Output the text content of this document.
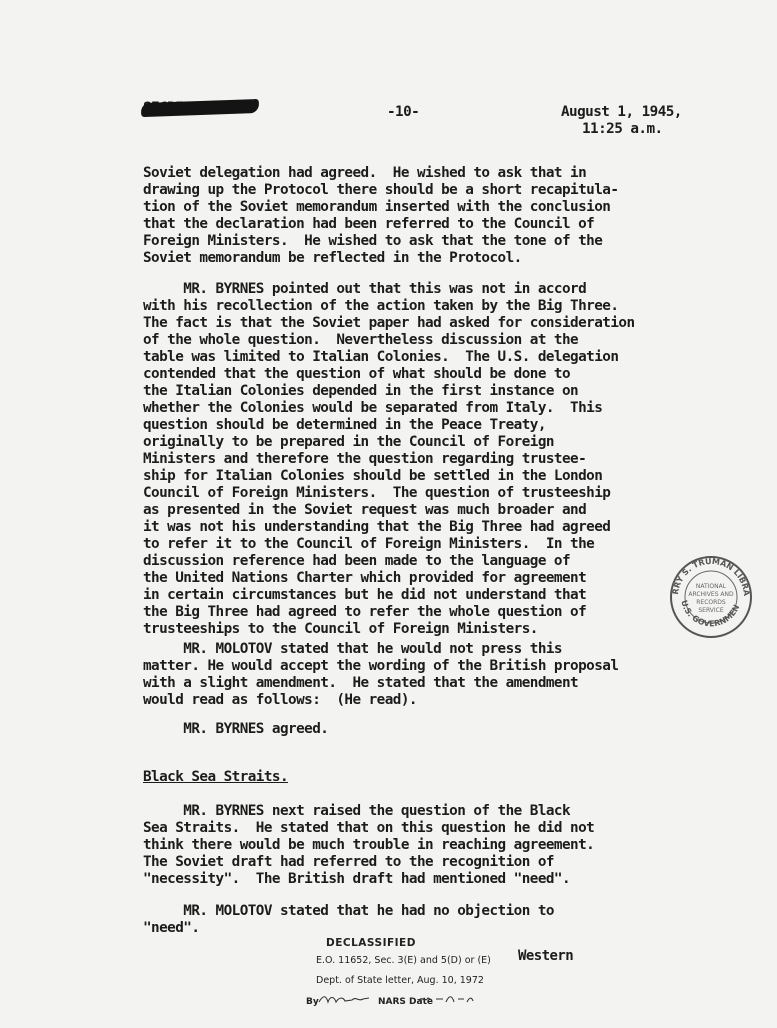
-10-	August 1, 1945,
11:25 a.m.
Soviet delegation had agreed.  He wished to ask that in
drawing up the Protocol there should be a short recapitula-
tion of the Soviet memorandum inserted with the conclusion
that the declaration had been referred to the Council of
Foreign Ministers.  He wished to ask that the tone of the
Soviet memorandum be reflected in the Protocol.
MR. BYRNES pointed out that this was not in accord
with his recollection of the action taken by the Big Three.
The fact is that the Soviet paper had asked for consideration
of the whole question.  Nevertheless discussion at the
table was limited to Italian Colonies.  The U.S. delegation
contended that the question of what should be done to
the Italian Colonies depended in the first instance on
whether the Colonies would be separated from Italy.  This
question should be determined in the Peace Treaty,
originally to be prepared in the Council of Foreign
Ministers and therefore the question regarding trustee-
ship for Italian Colonies should be settled in the London
Council of Foreign Ministers.  The question of trusteeship
as presented in the Soviet request was much broader and
it was not his understanding that the Big Three had agreed
to refer it to the Council of Foreign Ministers.  In the
discussion reference had been made to the language of
the United Nations Charter which provided for agreement
in certain circumstances but he did not understand that
the Big Three had agreed to refer the whole question of
trusteeships to the Council of Foreign Ministers.
MR. MOLOTOV stated that he would not press this
matter. He would accept the wording of the British proposal
with a slight amendment.  He stated that the amendment
would read as follows:  (He read).
MR. BYRNES agreed.
Black Sea Straits.
MR. BYRNES next raised the question of the Black
Sea Straits.  He stated that on this question he did not
think there would be much trouble in reaching agreement.
The Soviet draft had referred to the recognition of
"necessity".  The British draft had mentioned "need".
MR. MOLOTOV stated that he had no objection to
"need".
RRY S. TRUMAN LIBRA
U.S. GOVERNMEN
NATIONAL
ARCHIVES AND
RECORDS
SERVICE
DECLASSIFIED
E.O. 11652, Sec. 3(E) and 5(D) or (E)
Dept. of State letter, Aug. 10, 1972
By	NARS Date
Western
